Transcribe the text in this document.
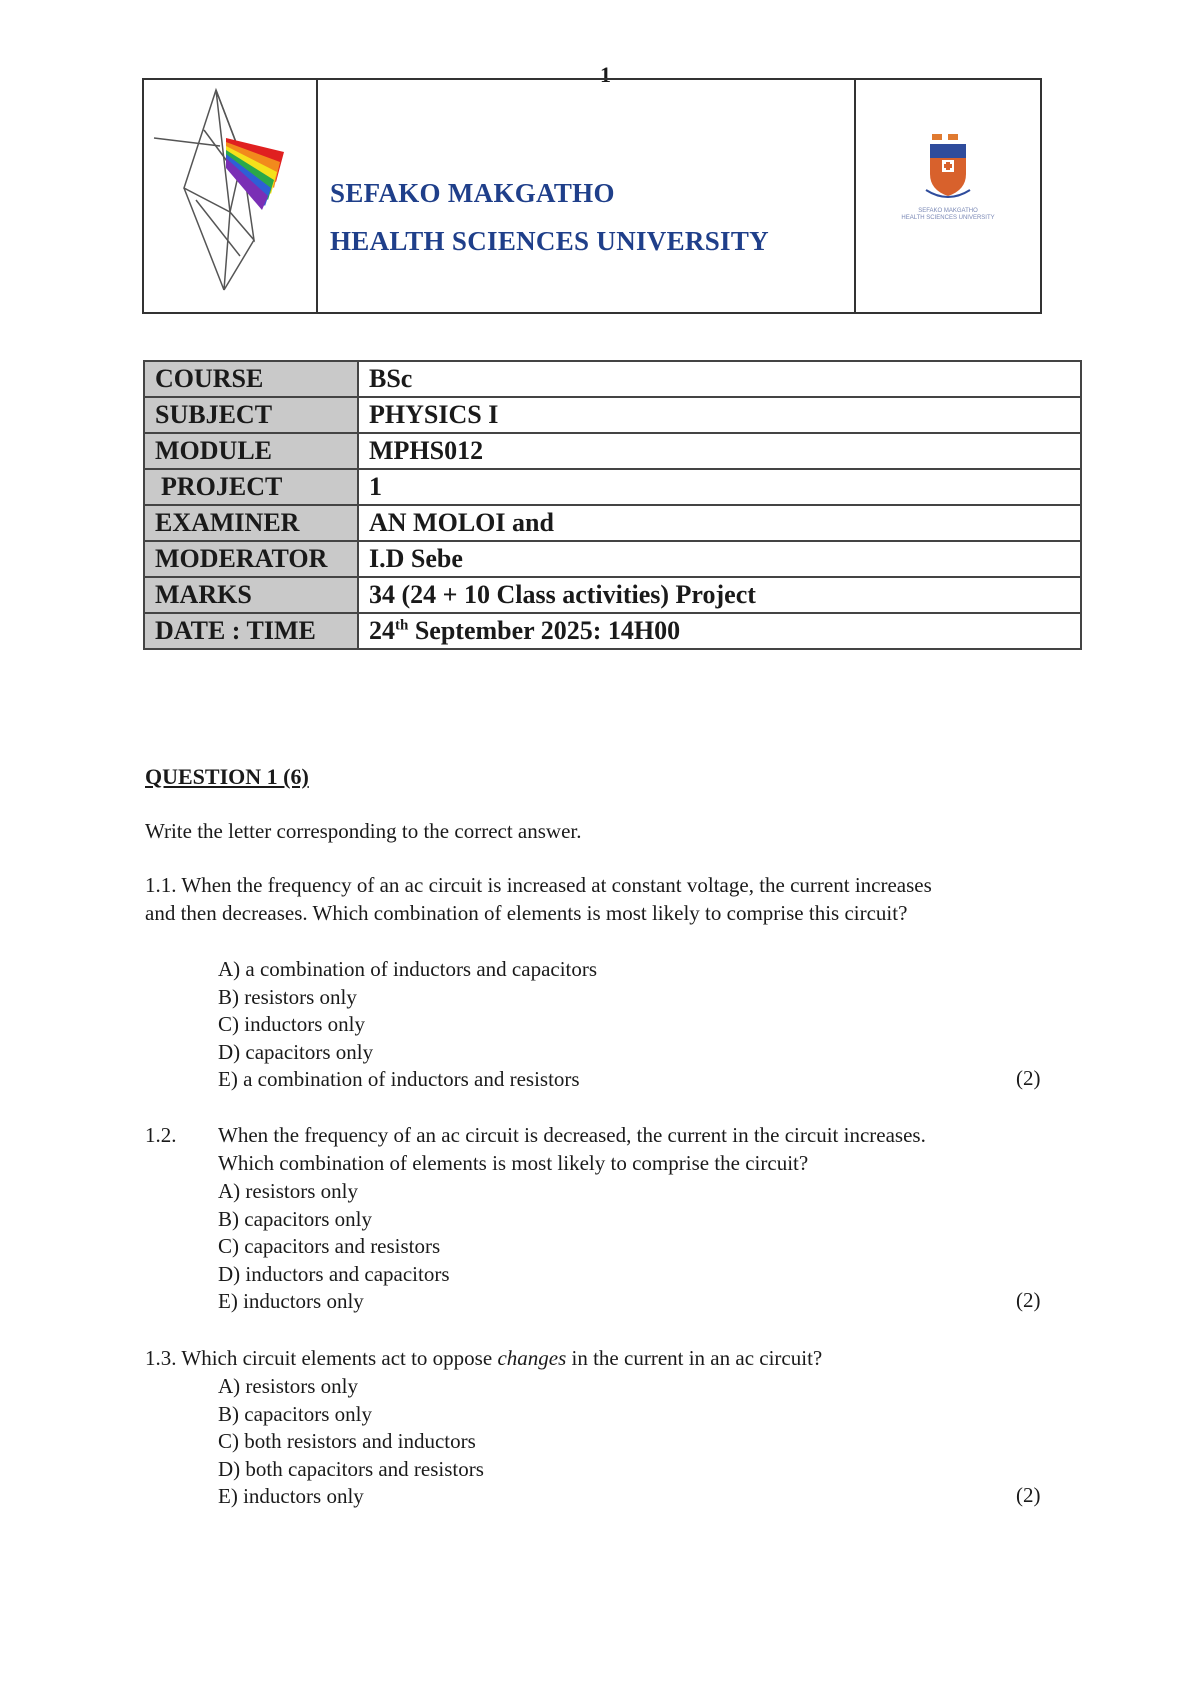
1
SEFAKO MAKGATHO
HEALTH SCIENCES UNIVERSITY
SEFAKO MAKGATHO
HEALTH SCIENCES UNIVERSITY
COURSE	BSc
SUBJECT	PHYSICS I
MODULE	MPHS012
PROJECT	1
EXAMINER	AN MOLOI and
MODERATOR	I.D Sebe
MARKS	34 (24 + 10 Class activities) Project
DATE : TIME	24th September 2025: 14H00
QUESTION 1 (6)
Write the letter corresponding to the correct answer.
1.1. When the frequency of an ac circuit is increased at constant voltage, the current increases
and then decreases. Which combination of elements is most likely to comprise this circuit?
A) a combination of inductors and capacitors
B) resistors only
C) inductors only
D) capacitors only
E) a combination of inductors and resistors	(2)
1.2. When the frequency of an ac circuit is decreased, the current in the circuit increases.
Which combination of elements is most likely to comprise the circuit?
A) resistors only
B) capacitors only
C) capacitors and resistors
D) inductors and capacitors
E) inductors only	(2)
1.3. Which circuit elements act to oppose changes in the current in an ac circuit?
A) resistors only
B) capacitors only
C) both resistors and inductors
D) both capacitors and resistors
E) inductors only	(2)
